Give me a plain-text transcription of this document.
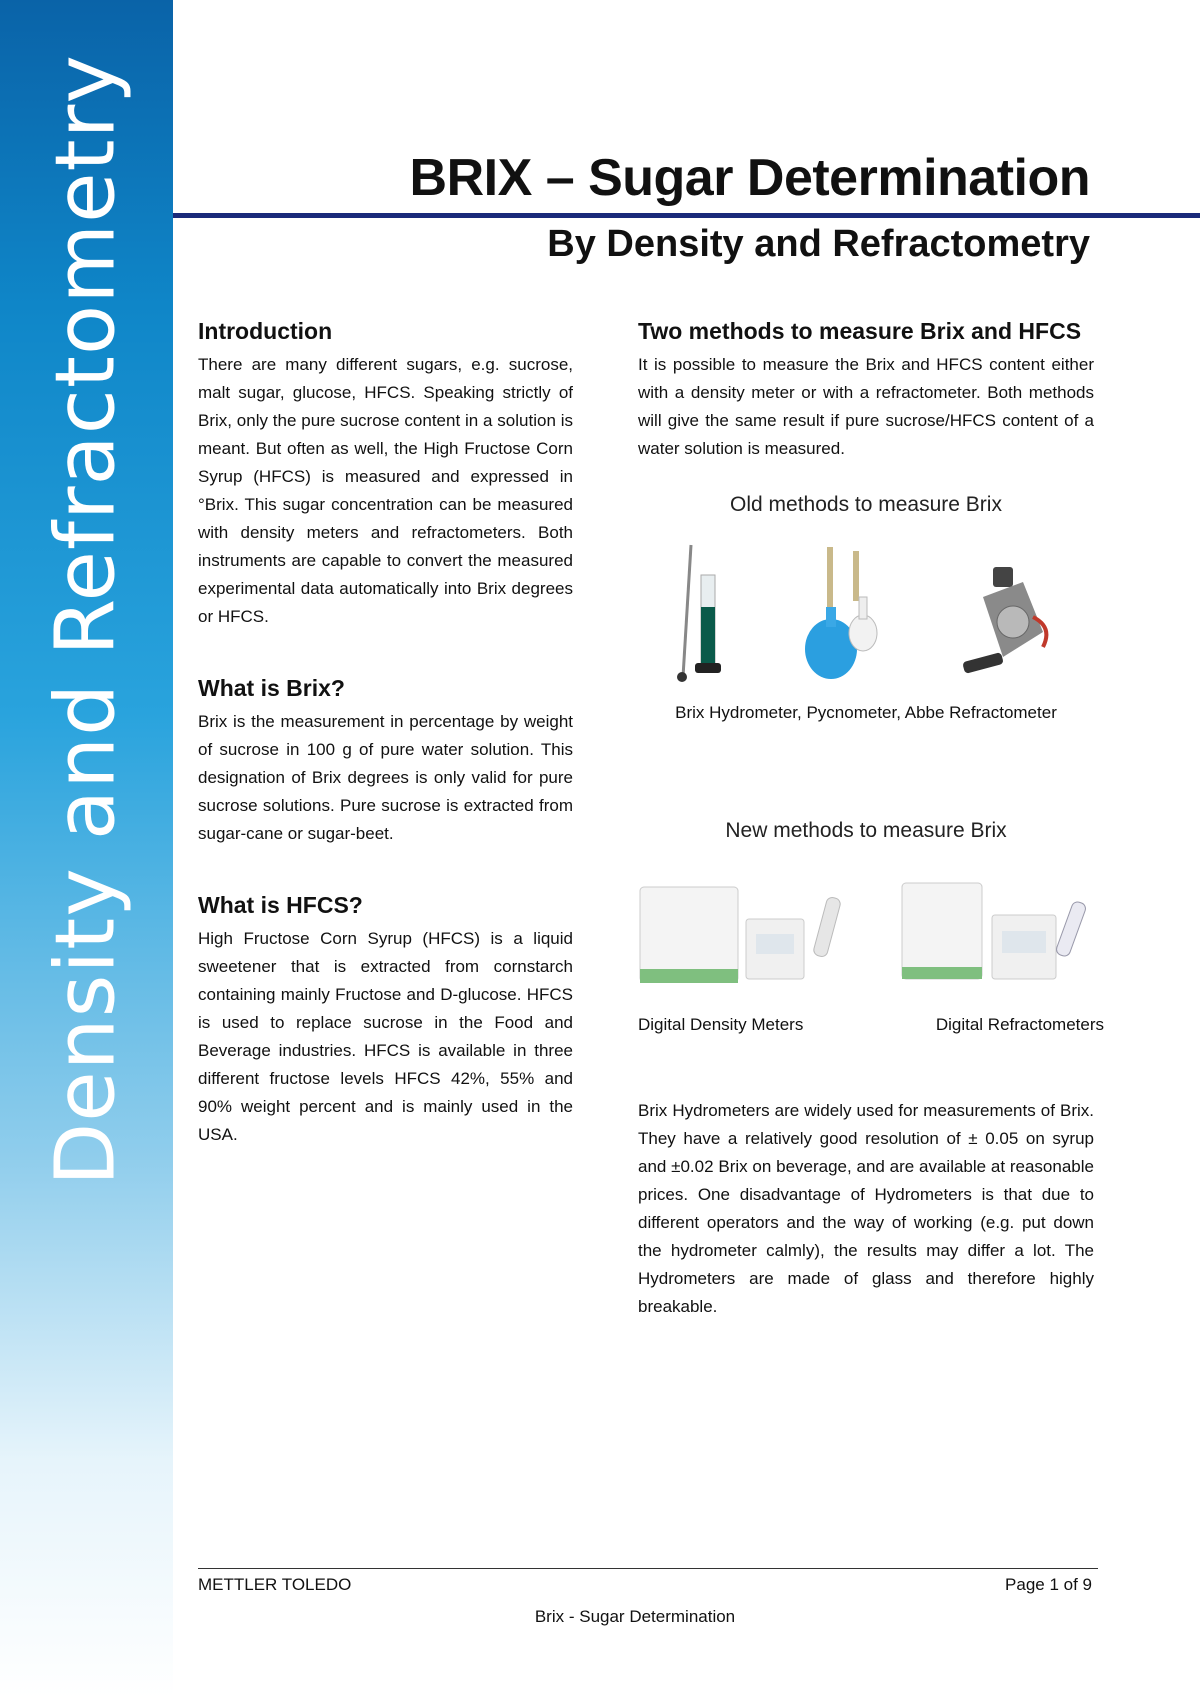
Density and Refractometry	BRIX – Sugar Determination
By Density and Refractometry
Introduction

There are many different sugars, e.g. sucrose, malt sugar, glucose, HFCS. Speaking strictly of Brix, only the pure sucrose content in a solution is meant. But often as well, the High Fructose Corn Syrup (HFCS) is measured and expressed in °Brix. This sugar concentration can be measured with density meters and refractometers. Both instruments are capable to convert the measured experimental data automatically into Brix degrees or HFCS.

What is Brix?

Brix is the measurement in percentage by weight of sucrose in 100 g of pure water solution. This designation of Brix degrees is only valid for pure sucrose solutions. Pure sucrose is extracted from sugar-cane or sugar-beet.

What is HFCS?

High Fructose Corn Syrup (HFCS) is a liquid sweetener that is extracted from cornstarch containing mainly Fructose and D-glucose. HFCS is used to replace sucrose in the Food and Beverage industries. HFCS is available in three different fructose levels HFCS 42%, 55% and 90% weight percent and is mainly used in the USA.

Two methods to measure Brix and HFCS

It is possible to measure the Brix and HFCS content either with a density meter or with a refractometer. Both methods will give the same result if pure sucrose/HFCS content of a water solution is measured.

Old methods to measure Brix
Brix Hydrometer, Pycnometer, Abbe Refractometer
New methods to measure Brix
Digital Density Meters	Digital Refractometers

Brix Hydrometers are widely used for measurements of Brix. They have a relatively good resolution of ± 0.05 on syrup and ±0.02 Brix on beverage, and are available at reasonable prices. One disadvantage of Hydrometers is that due to different operators and the way of working (e.g. put down the hydrometer calmly), the results may differ a lot. The Hydrometers are made of glass and therefore highly breakable.

METTLER TOLEDO	Page 1 of 9
Brix - Sugar Determination
